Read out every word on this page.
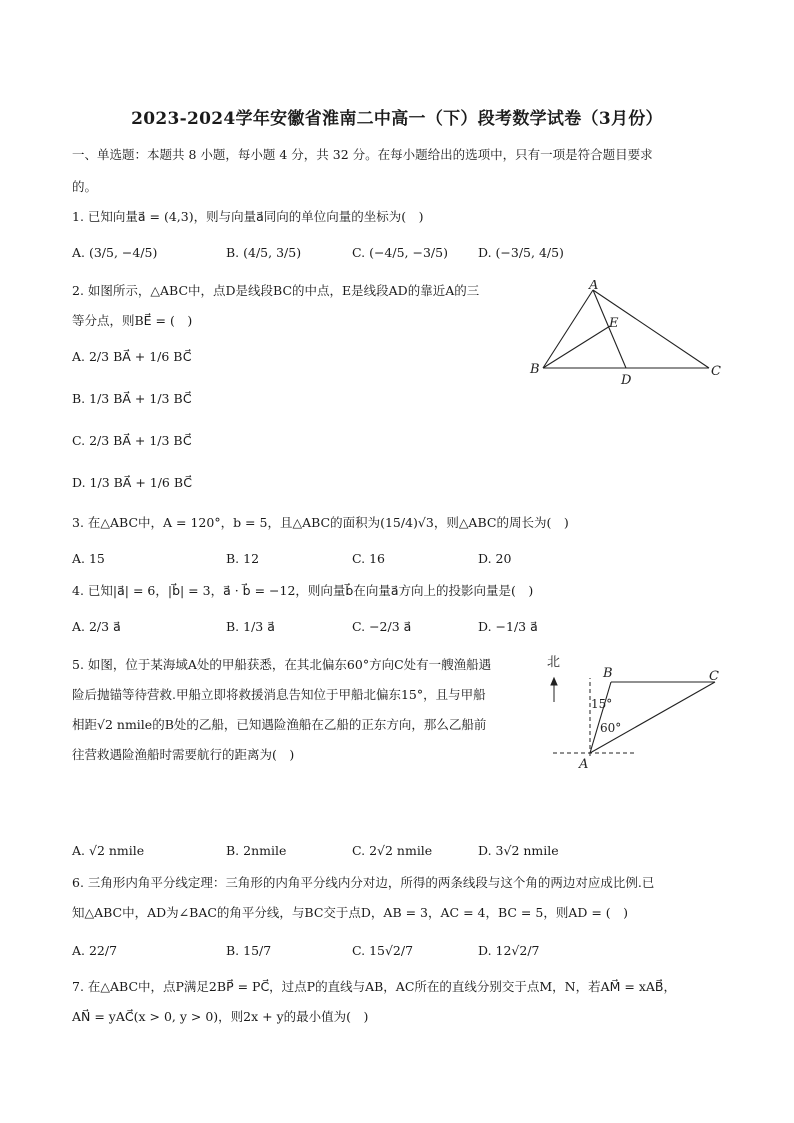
2023-2024学年安徽省淮南二中高一（下）段考数学试卷（3月份）
一、单选题：本题共 8 小题，每小题 4 分，共 32 分。在每小题给出的选项中，只有一项是符合题目要求
的。
1. 已知向量a⃗ = (4,3)，则与向量a⃗同向的单位向量的坐标为(　)
A. (3/5, −4/5)	B. (4/5, 3/5)	C. (−4/5, −3/5) D. (−3/5, 4/5)
2. 如图所示，△ABC中，点D是线段BC的中点，E是线段AD的靠近A的三
等分点，则BE⃗ = (　)
A. 2/3 BA⃗ + 1/6 BC⃗
B. 1/3 BA⃗ + 1/3 BC⃗
C. 2/3 BA⃗ + 1/3 BC⃗
D. 1/3 BA⃗ + 1/6 BC⃗
A
B	C
D
E
3. 在△ABC中，A = 120°，b = 5，且△ABC的面积为(15/4)√3，则△ABC的周长为(　)
A. 15	B. 12	C. 16	D. 20
4. 已知|a⃗| = 6，|b⃗| = 3，a⃗ · b⃗ = −12，则向量b⃗在向量a⃗方向上的投影向量是(　)
A. 2/3 a⃗	B. 1/3 a⃗	C. −2/3 a⃗	D. −1/3 a⃗
5. 如图，位于某海域A处的甲船获悉，在其北偏东60°方向C处有一艘渔船遇
险后抛锚等待营救.甲船立即将救援消息告知位于甲船北偏东15°，且与甲船
相距√2 nmile的B处的乙船，已知遇险渔船在乙船的正东方向，那么乙船前
往营救遇险渔船时需要航行的距离为(　)
北
B	C
A
15°
60°
A. √2 nmile	B. 2nmile	C. 2√2 nmile	D. 3√2 nmile
6. 三角形内角平分线定理：三角形的内角平分线内分对边，所得的两条线段与这个角的两边对应成比例.已
知△ABC中，AD为∠BAC的角平分线，与BC交于点D，AB = 3，AC = 4，BC = 5，则AD = (　)
A. 22/7	B. 15/7	C. 15√2/7	D. 12√2/7
7. 在△ABC中，点P满足2BP⃗ = PC⃗，过点P的直线与AB，AC所在的直线分别交于点M，N，若AM⃗ = xAB⃗，
AN⃗ = yAC⃗(x > 0, y > 0)，则2x + y的最小值为(　)
